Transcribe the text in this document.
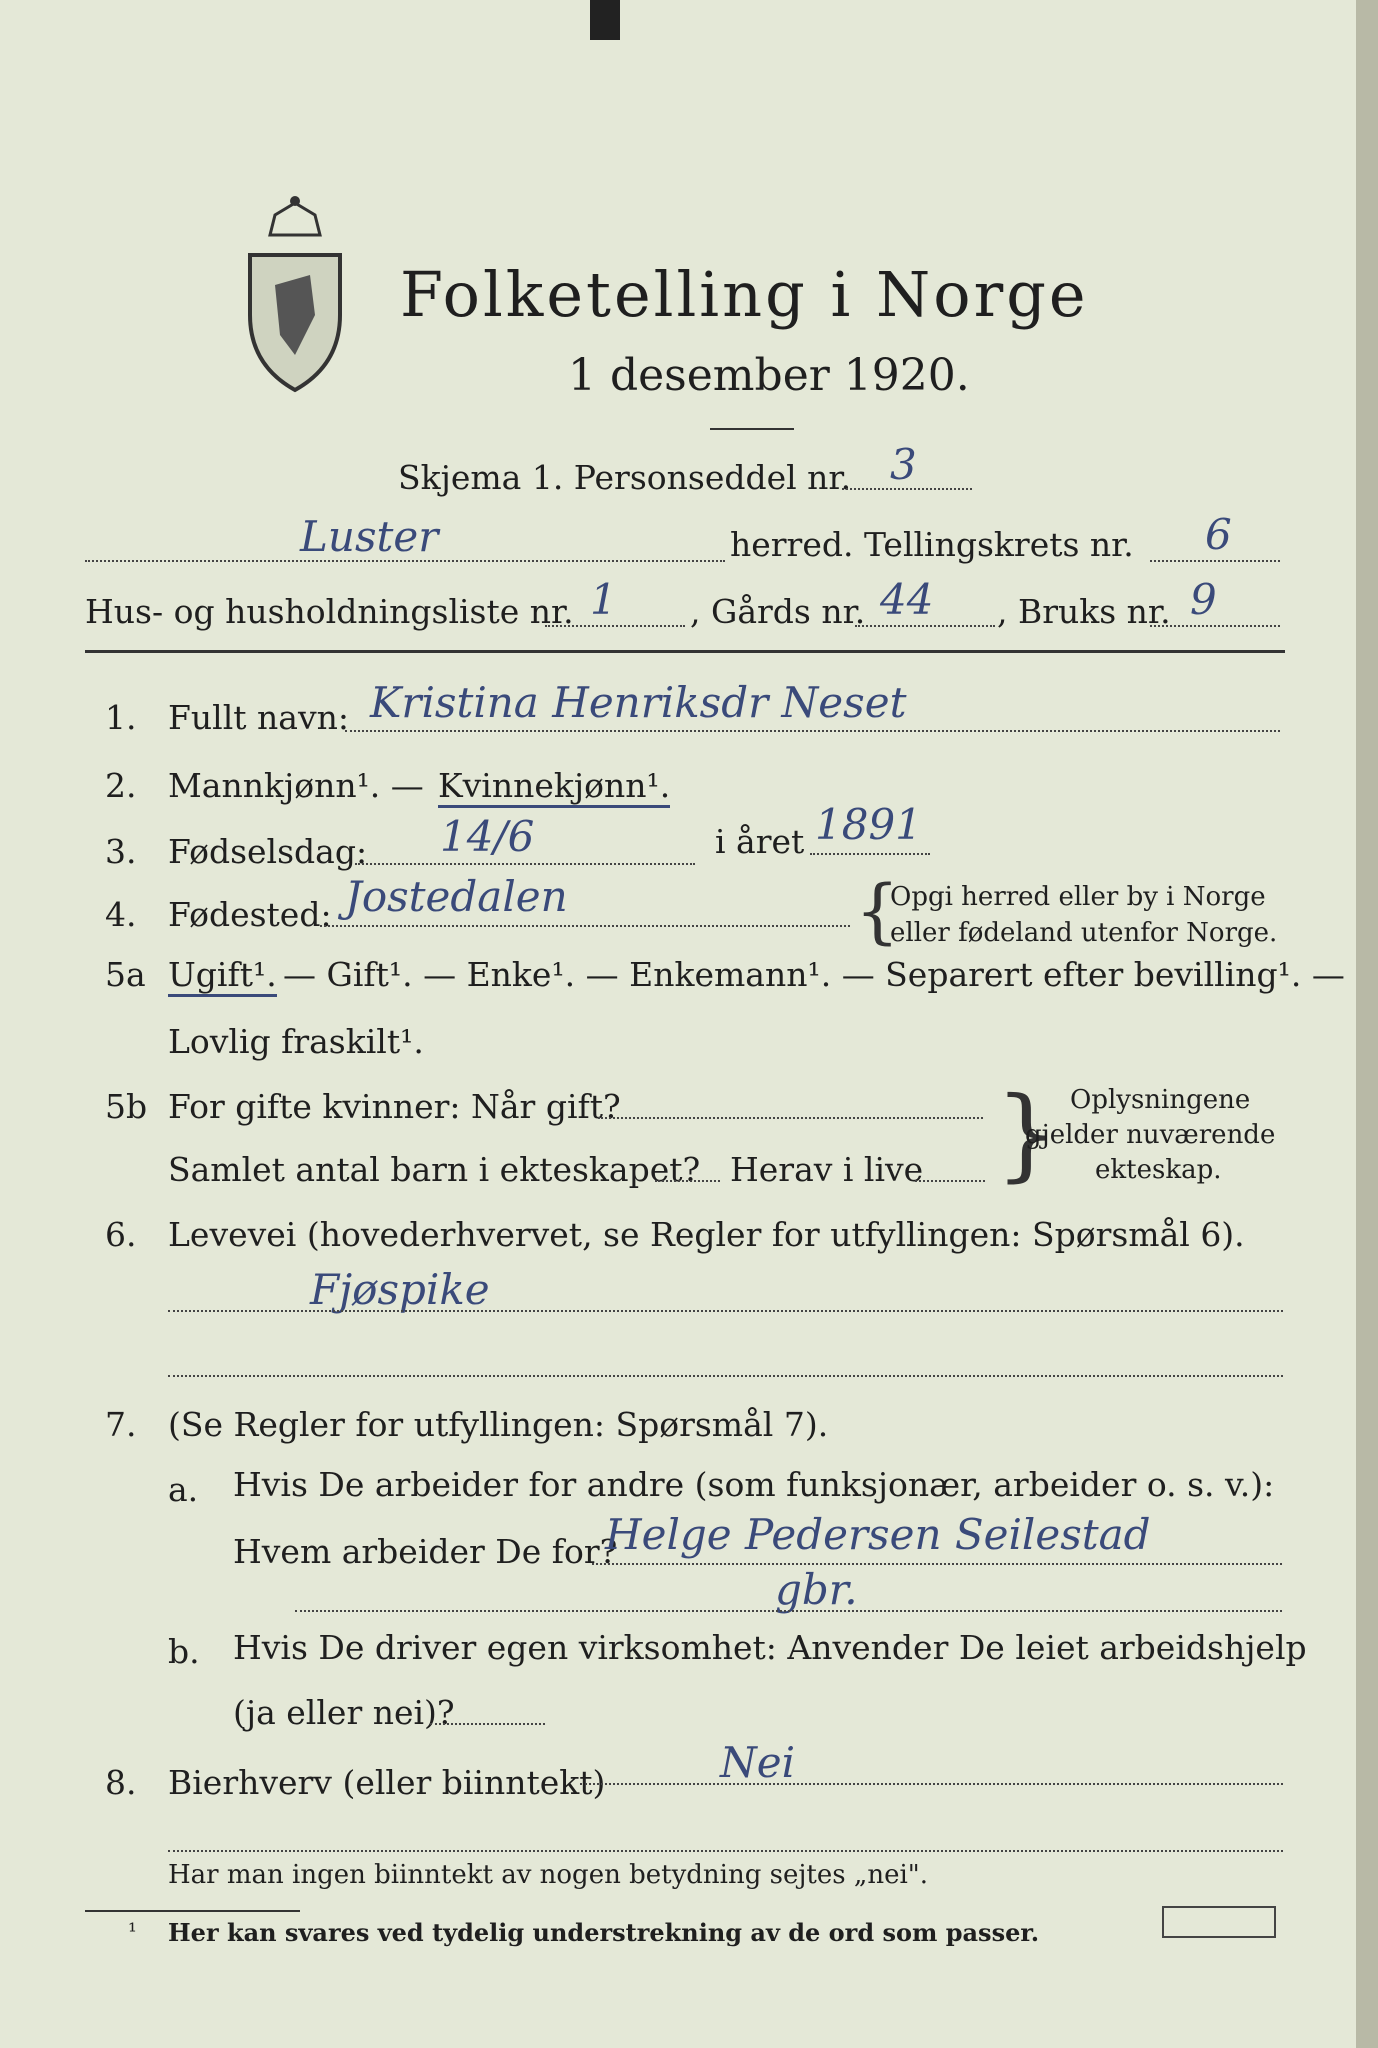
Folketelling i Norge
1 desember 1920.
Skjema 1. Personseddel nr. 3
Luster	herred. Tellingskrets nr. 6
Hus- og husholdningsliste nr. 1 , Gårds nr. 44 , Bruks nr. 9
1. Fullt navn: Kristina Henriksdr Neset
2. Mannkjønn¹. — Kvinnekjønn¹.
3. Fødselsdag: 14/6	i året 1891
4. Fødested: Jostedalen	{
Opgi herred eller by i Norge
eller fødeland utenfor Norge.
5a Ugift¹. — Gift¹. — Enke¹. — Enkemann¹. — Separert efter bevilling¹. —
Lovlig fraskilt¹.
5b For gifte kvinner: Når gift?
Samlet antal barn i ekteskapet? Herav i live } Oplysningene
gjelder nuværende
ekteskap.
6. Levevei (hovederhvervet, se Regler for utfyllingen: Spørsmål 6).
Fjøspike
7. (Se Regler for utfyllingen: Spørsmål 7).
a. Hvis De arbeider for andre (som funksjonær, arbeider o. s. v.):
Hvem arbeider De for?
Helge Pedersen Seilestad
gbr.
b. Hvis De driver egen virksomhet: Anvender De leiet arbeidshjelp
(ja eller nei)?
8. Bierhverv (eller biinntekt)	Nei
Har man ingen biinntekt av nogen betydning sejtes „nei".
¹ Her kan svares ved tydelig understrekning av de ord som passer.
